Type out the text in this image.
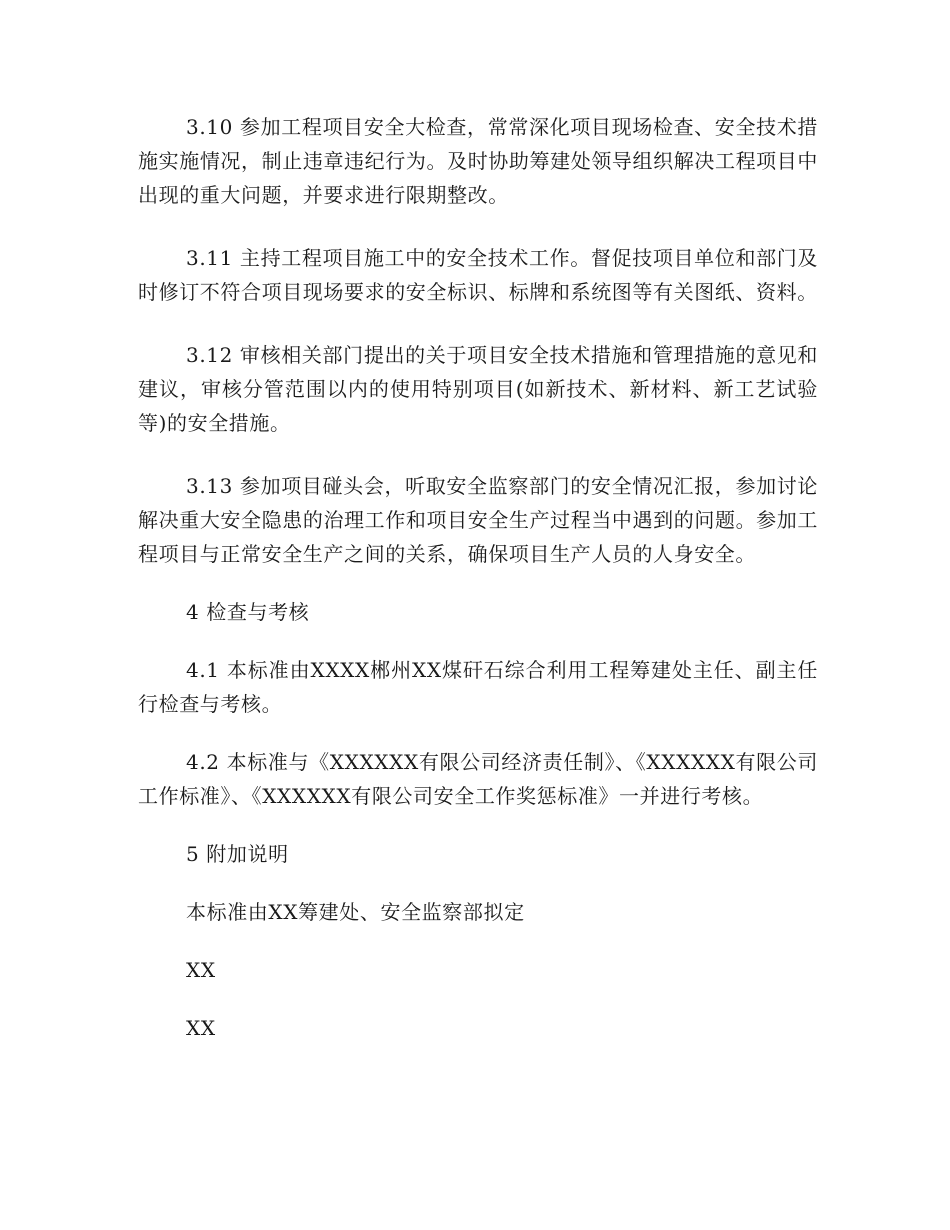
3.10 参加工程项目安全大检查，常常深化项目现场检查、安全技术措施实施情况，制止违章违纪行为。及时协助筹建处领导组织解决工程项目中出现的重大问题，并要求进行限期整改。

3.11 主持工程项目施工中的安全技术工作。督促技项目单位和部门及时修订不符合项目现场要求的安全标识、标牌和系统图等有关图纸、资料。

3.12 审核相关部门提出的关于项目安全技术措施和管理措施的意见和建议，审核分管范围以内的使用特别项目(如新技术、新材料、新工艺试验等)的安全措施。

3.13 参加项目碰头会，听取安全监察部门的安全情况汇报，参加讨论解决重大安全隐患的治理工作和项目安全生产过程当中遇到的问题。参加工程项目与正常安全生产之间的关系，确保项目生产人员的人身安全。

4 检查与考核

4.1 本标准由XXXX郴州XX煤矸石综合利用工程筹建处主任、副主任行检查与考核。

4.2 本标准与《XXXXXX有限公司经济责任制》、《XXXXXX有限公司工作标准》、《XXXXXX有限公司安全工作奖惩标准》一并进行考核。

5 附加说明

本标准由XX筹建处、安全监察部拟定

XX

XX
